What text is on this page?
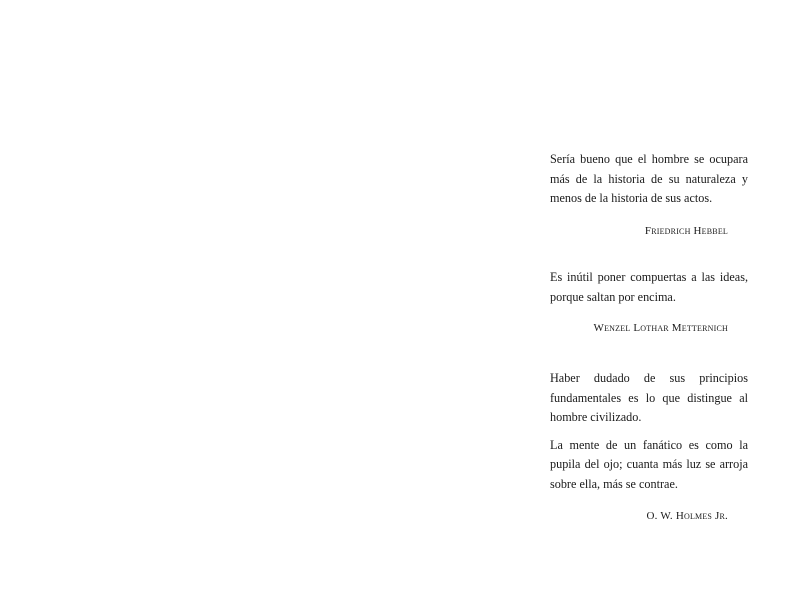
Sería bueno que el hombre se ocupara más de la historia de su naturaleza y menos de la historia de sus actos.

Friedrich Hebbel

Es inútil poner compuertas a las ideas, porque saltan por encima.

Wenzel Lothar Metternich

Haber dudado de sus principios fundamentales es lo que distingue al hombre civilizado.

La mente de un fanático es como la pupila del ojo; cuanta más luz se arroja sobre ella, más se contrae.

O. W. Holmes Jr.
